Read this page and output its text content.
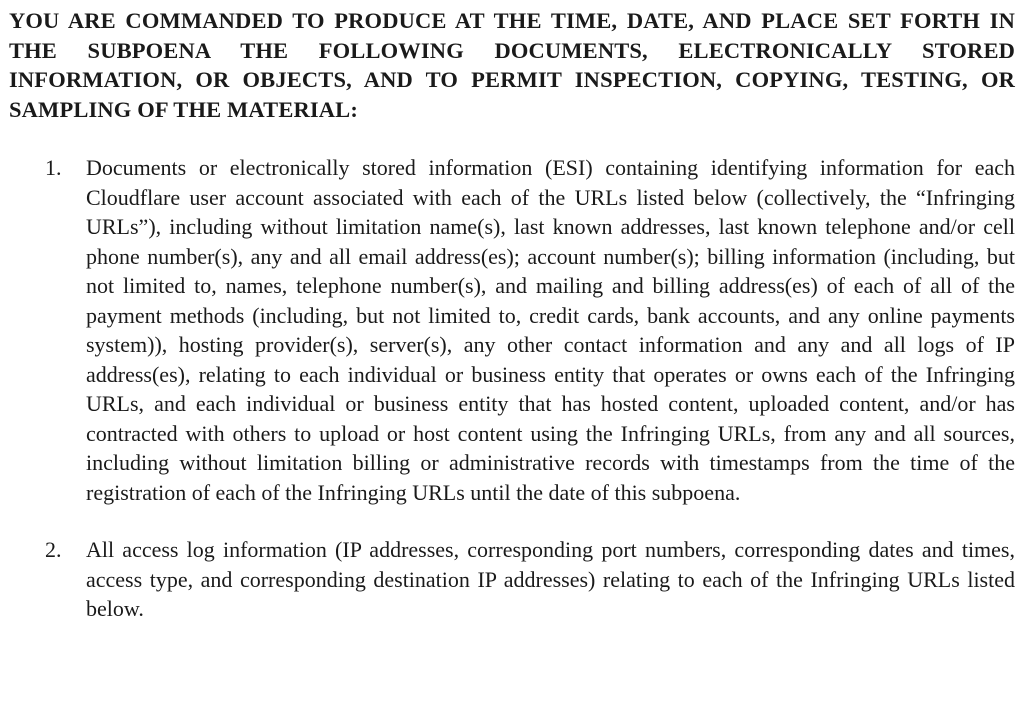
YOU ARE COMMANDED TO PRODUCE AT THE TIME, DATE, AND PLACE SET FORTH IN THE SUBPOENA THE FOLLOWING DOCUMENTS, ELECTRONICALLY STORED INFORMATION, OR OBJECTS, AND TO PERMIT INSPECTION, COPYING, TESTING, OR SAMPLING OF THE MATERIAL:

1. Documents or electronically stored information (ESI) containing identifying information for each Cloudflare user account associated with each of the URLs listed below (collectively, the “Infringing URLs”), including without limitation name(s), last known addresses, last known telephone and/or cell phone number(s), any and all email address(es); account number(s); billing information (including, but not limited to, names, telephone number(s), and mailing and billing address(es) of each of all of the payment methods (including, but not limited to, credit cards, bank accounts, and any online payments system)), hosting provider(s), server(s), any other contact information and any and all logs of IP address(es), relating to each individual or business entity that operates or owns each of the Infringing URLs, and each individual or business entity that has hosted content, uploaded content, and/or has contracted with others to upload or host content using the Infringing URLs, from any and all sources, including without limitation billing or administrative records with timestamps from the time of the registration of each of the Infringing URLs until the date of this subpoena.
2. All access log information (IP addresses, corresponding port numbers, corresponding dates and times, access type, and corresponding destination IP addresses) relating to each of the Infringing URLs listed below.
